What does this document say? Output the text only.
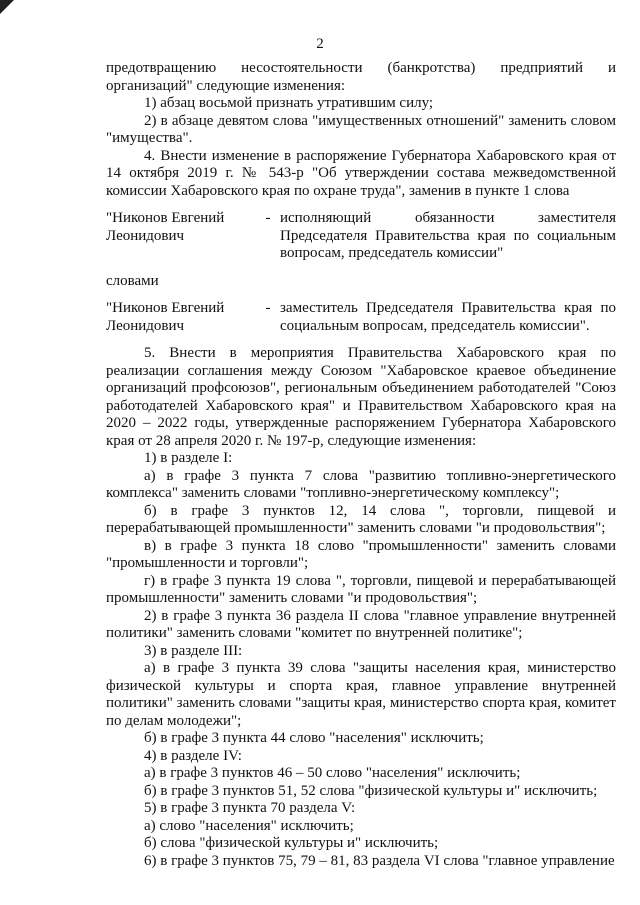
2

предотвращению несостоятельности (банкротства) предприятий и организаций" следующие изменения:

1) абзац восьмой признать утратившим силу;

2) в абзаце девятом слова "имущественных отношений" заменить словом "имущества".

4. Внести изменение в распоряжение Губернатора Хабаровского края от 14 октября 2019 г. № 543-р "Об утверждении состава межведомственной комиссии Хабаровского края по охране труда", заменив в пункте 1 слова

"Никонов Евгений Леонидович
- исполняющий обязанности заместителя Председателя Правительства края по социальным вопросам, председатель комиссии"

словами

"Никонов Евгений Леонидович
- заместитель Председателя Правительства края по социальным вопросам, председатель комиссии".

5. Внести в мероприятия Правительства Хабаровского края по реализации соглашения между Союзом "Хабаровское краевое объединение организаций профсоюзов", региональным объединением работодателей "Союз работодателей Хабаровского края" и Правительством Хабаровского края на 2020 – 2022 годы, утвержденные распоряжением Губернатора Хабаровского края от 28 апреля 2020 г. № 197-р, следующие изменения:

1) в разделе I:

а) в графе 3 пункта 7 слова "развитию топливно-энергетического комплекса" заменить словами "топливно-энергетическому комплексу";

б) в графе 3 пунктов 12, 14 слова ", торговли, пищевой и перерабатывающей промышленности" заменить словами "и продовольствия";

в) в графе 3 пункта 18 слово "промышленности" заменить словами "промышленности и торговли";

г) в графе 3 пункта 19 слова ", торговли, пищевой и перерабатывающей промышленности" заменить словами "и продовольствия";

2) в графе 3 пункта 36 раздела II слова "главное управление внутренней политики" заменить словами "комитет по внутренней политике";

3) в разделе III:

а) в графе 3 пункта 39 слова "защиты населения края, министерство физической культуры и спорта края, главное управление внутренней политики" заменить словами "защиты края, министерство спорта края, комитет по делам молодежи";

б) в графе 3 пункта 44 слово "населения" исключить;

4) в разделе IV:

а) в графе 3 пунктов 46 – 50 слово "населения" исключить;

б) в графе 3 пунктов 51, 52 слова "физической культуры и" исключить;

5) в графе 3 пункта 70 раздела V:

а) слово "населения" исключить;

б) слова "физической культуры и" исключить;

6) в графе 3 пунктов 75, 79 – 81, 83 раздела VI слова "главное управление
